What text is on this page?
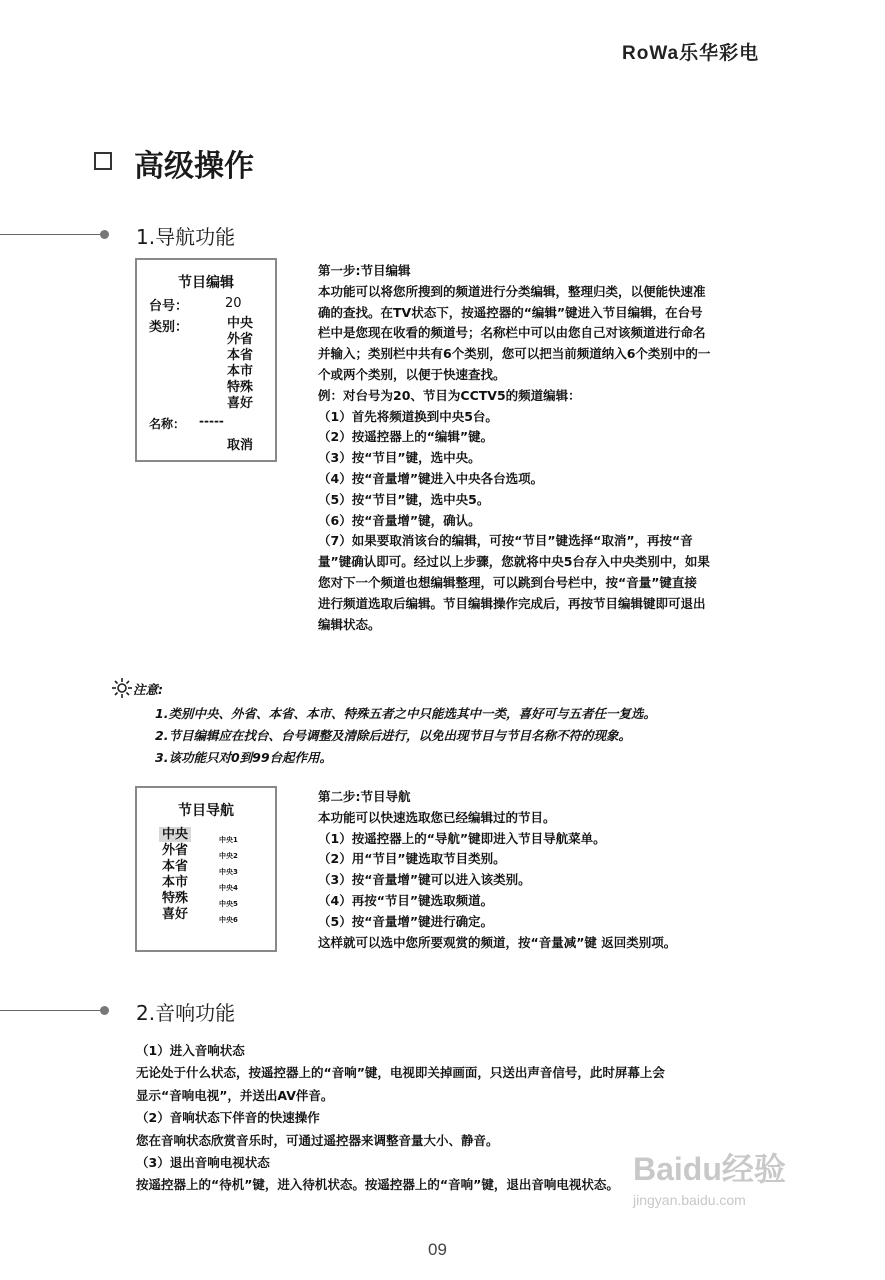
RoWa乐华彩电
高级操作
1.导航功能
节目编辑
台号：	20
类别：	中央
外省
本省
本市
特殊
喜好
名称： -----
取消
第一步:节目编辑
本功能可以将您所搜到的频道进行分类编辑，整理归类，以便能快速准
确的查找。在TV状态下，按遥控器的“编辑”键进入节目编辑，在台号
栏中是您现在收看的频道号；名称栏中可以由您自己对该频道进行命名
并输入；类别栏中共有6个类别，您可以把当前频道纳入6个类别中的一
个或两个类别，以便于快速查找。
例：对台号为20、节目为CCTV5的频道编辑：
（1）首先将频道换到中央5台。
（2）按遥控器上的“编辑”键。
（3）按“节目”键，选中央。
（4）按“音量增”键进入中央各台选项。
（5）按“节目”键，选中央5。
（6）按“音量增”键，确认。
（7）如果要取消该台的编辑，可按“节目”键选择“取消”，再按“音
量”键确认即可。经过以上步骤，您就将中央5台存入中央类别中，如果
您对下一个频道也想编辑整理，可以跳到台号栏中，按“音量”键直接
进行频道选取后编辑。节目编辑操作完成后，再按节目编辑键即可退出
编辑状态。
注意:
1.类别中央、外省、本省、本市、特殊五者之中只能选其中一类，喜好可与五者任一复选。
2.节目编辑应在找台、台号调整及清除后进行，以免出现节目与节目名称不符的现象。
3.该功能只对0到99台起作用。
节目导航
中央
外省
本省
本市
特殊
喜好
中央1
中央2
中央3
中央4
中央5
中央6
第二步:节目导航
本功能可以快速选取您已经编辑过的节目。
（1）按遥控器上的“导航”键即进入节目导航菜单。
（2）用“节目”键选取节目类别。
（3）按“音量增”键可以进入该类别。
（4）再按“节目”键选取频道。
（5）按“音量增”键进行确定。
这样就可以选中您所要观赏的频道，按“音量减”键 返回类别项。
2.音响功能
（1）进入音响状态
无论处于什么状态，按遥控器上的“音响”键，电视即关掉画面，只送出声音信号，此时屏幕上会
显示“音响电视”，并送出AV伴音。
（2）音响状态下伴音的快速操作
您在音响状态欣赏音乐时，可通过遥控器来调整音量大小、静音。
（3）退出音响电视状态
按遥控器上的“待机”键，进入待机状态。按遥控器上的“音响”键，退出音响电视状态。 Baidu经验
jingyan.baidu.com
09
